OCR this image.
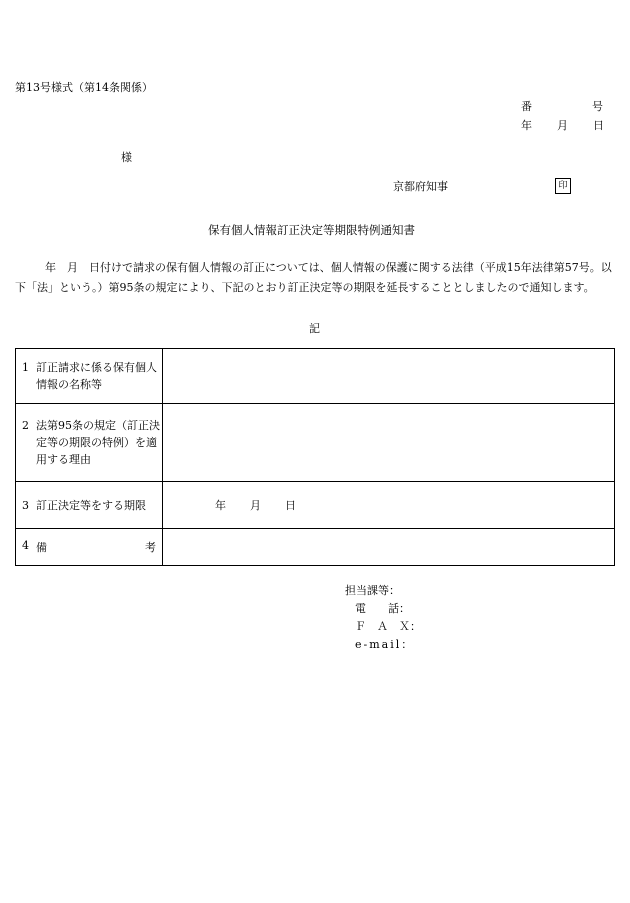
第13号様式（第14条関係）
番	号
年 月 日
様
京都府知事	印
保有個人情報訂正決定等期限特例通知書
年　月　日付けで請求の保有個人情報の訂正については、個人情報の保護に関する法律（平成15年法律第57号。以下「法」という。）第95条の規定により、下記のとおり訂正決定等の期限を延長することとしましたので通知します。
記
1 訂正請求に係る保有個人情報の名称等	

2 法第95条の規定（訂正決定等の期限の特例）を適用する理由	

3 訂正決定等をする期限	年 月 日

4 備 考	

担当課等：
電　　話：
Ｆ　Ａ　Ｘ：
e-mail：
